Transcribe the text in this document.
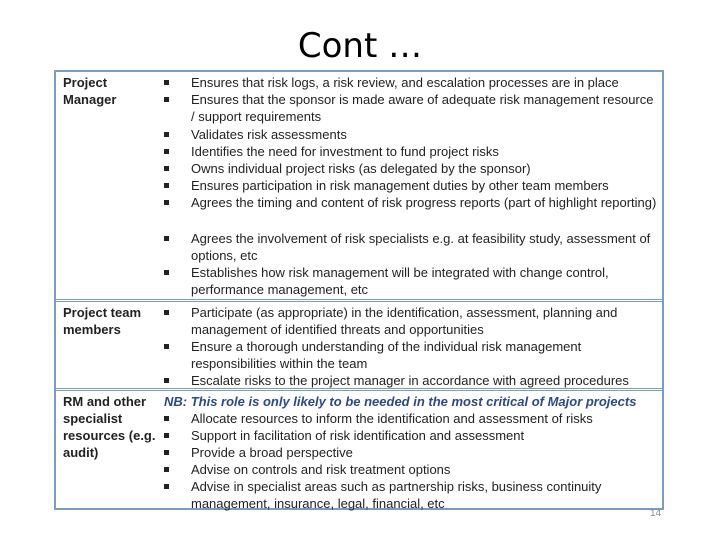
Cont …
Project Manager
Ensures that risk logs, a risk review, and escalation processes are in place
Ensures that the sponsor is made aware of adequate risk management resource / support requirements
Validates risk assessments
Identifies the need for investment to fund project risks
Owns individual project risks (as delegated by the sponsor)
Ensures participation in risk management duties by other team members
Agrees the timing and content of risk progress reports (part of highlight reporting)
Agrees the involvement of risk specialists e.g. at feasibility study, assessment of options, etc
Establishes how risk management will be integrated with change control, performance management, etc
Project team members
Participate (as appropriate) in the identification, assessment, planning and management of identified threats and opportunities
Ensure a thorough understanding of the individual risk management responsibilities within the team
Escalate risks to the project manager in accordance with agreed procedures
RM and other specialist resources (e.g. audit)
NB: This role is only likely to be needed in the most critical of Major projects
Allocate resources to inform the identification and assessment of risks
Support in facilitation of risk identification and assessment
Provide a broad perspective
Advise on controls and risk treatment options
Advise in specialist areas such as partnership risks, business continuity management, insurance, legal, financial, etc
14
